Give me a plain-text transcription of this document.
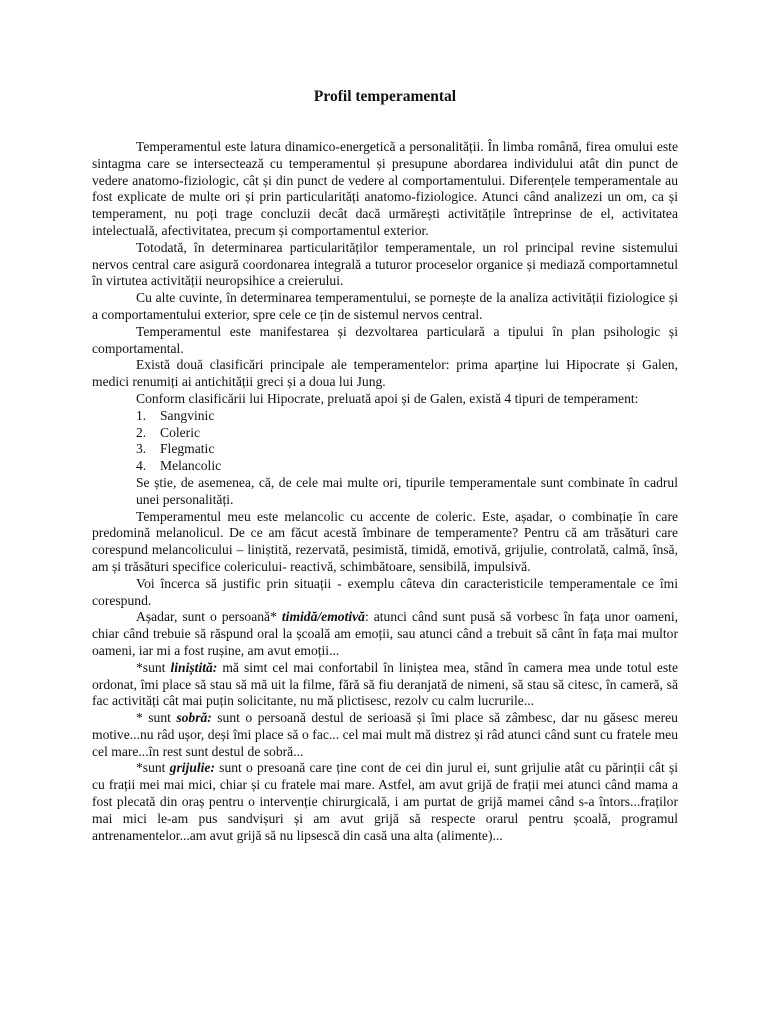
Profil temperamental

Temperamentul este latura dinamico-energetică a personalității. În limba română, firea omului este sintagma care se intersectează cu temperamentul și presupune abordarea individului atât din punct de vedere anatomo-fiziologic, cât și din punct de vedere al comportamentului. Diferențele temperamentale au fost explicate de multe ori și prin particularități anatomo-fiziologice. Atunci când analizezi un om, ca și temperament, nu poți trage concluzii decât dacă urmărești activitățile întreprinse de el, activitatea intelectuală, afectivitatea, precum și comportamentul exterior.

Totodată, în determinarea particularităților temperamentale, un rol principal revine sistemului nervos central care asigură coordonarea integrală a tuturor proceselor organice și mediază comportamnetul în virtutea activității neuropsihice a creierului.

Cu alte cuvinte, în determinarea temperamentului, se pornește de la analiza activității fiziologice și a comportamentului exterior, spre cele ce țin de sistemul nervos central.

Temperamentul este manifestarea și dezvoltarea particulară a tipului în plan psihologic și comportamental.

Există două clasificări principale ale temperamentelor: prima aparține lui Hipocrate și Galen, medici renumiți ai antichității greci și a doua lui Jung.

Conform clasificării lui Hipocrate, preluată apoi și de Galen, există 4 tipuri de temperament:

1.	Sangvinic
2.	Coleric
3.	Flegmatic
4.	Melancolic

Se știe, de asemenea, că, de cele mai multe ori, tipurile temperamentale sunt combinate în cadrul unei personalități.

Temperamentul meu este melancolic cu accente de coleric. Este, așadar, o combinație în care predomină melanolicul. De ce am făcut acestă îmbinare de temperamente? Pentru că am trăsături care corespund melancolicului – liniștită, rezervată, pesimistă, timidă, emotivă, grijulie, controlată, calmă, însă, am și trăsături specifice colericului- reactivă, schimbătoare, sensibilă, impulsivă.

Voi încerca să justific prin situații - exemplu câteva din caracteristicile temperamentale ce îmi corespund.

Așadar, sunt o persoană* timidă/emotivă: atunci când sunt pusă să vorbesc în fața unor oameni, chiar când trebuie să răspund oral la școală am emoții, sau atunci când a trebuit să cânt în fața mai multor oameni, iar mi a fost rușine, am avut emoții...

*sunt liniștită: mă simt cel mai confortabil în liniștea mea, stând în camera mea unde totul este ordonat, îmi place să stau să mă uit la filme, fără să fiu deranjată de nimeni, să stau să citesc, în cameră, să fac activități cât mai puțin solicitante, nu mă plictisesc, rezolv cu calm lucrurile...

* sunt sobră: sunt o persoană destul de serioasă și îmi place să zâmbesc, dar nu găsesc mereu motive...nu râd ușor, deși îmi place să o fac... cel mai mult mă distrez și râd atunci când sunt cu fratele meu cel mare...în rest sunt destul de sobră...

*sunt grijulie: sunt o presoană care ține cont de cei din jurul ei, sunt grijulie atât cu părinții cât și cu frații mei mai mici, chiar și cu fratele mai mare. Astfel, am avut grijă de frații mei atunci când mama a fost plecată din oraș pentru o intervenție chirurgicală, i am purtat de grijă mamei când s-a întors...fraților mai mici le-am pus sandvișuri și am avut grijă să respecte orarul pentru școală, programul antrenamentelor...am avut grijă să nu lipsescă din casă una alta (alimente)...
